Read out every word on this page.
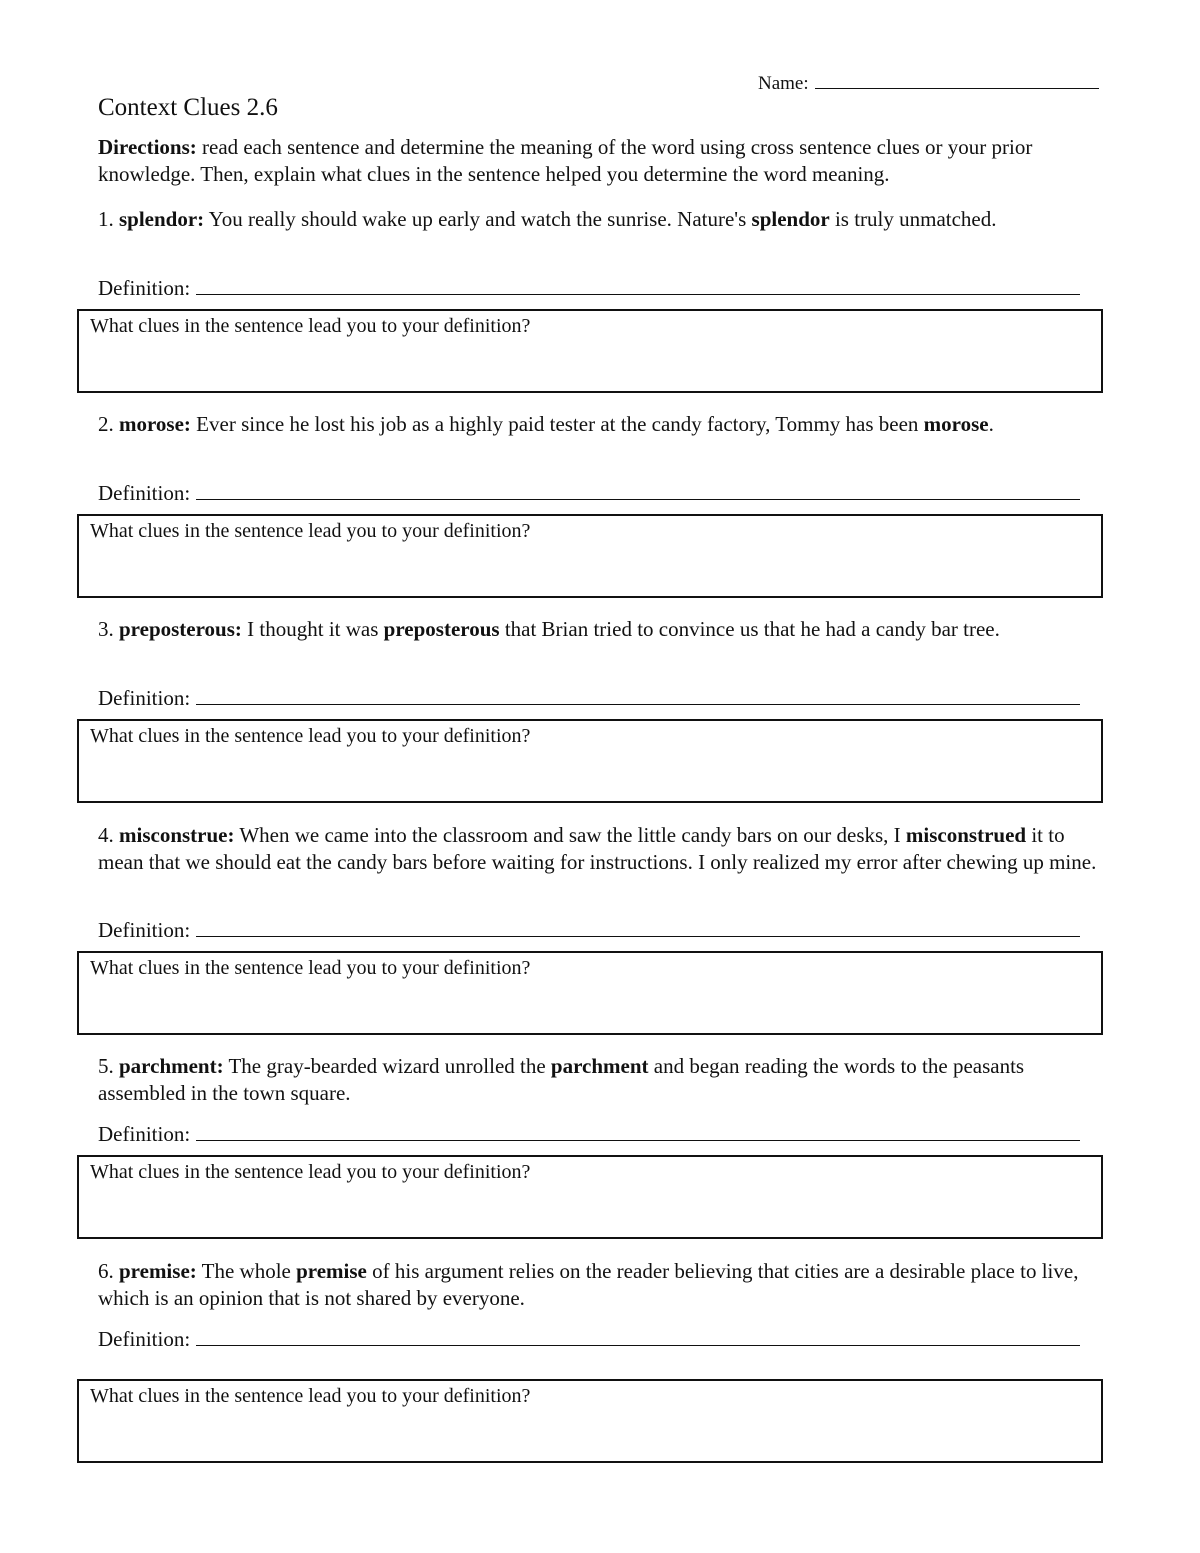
Name:
Context Clues 2.6

Directions: read each sentence and determine the meaning of the word using cross sentence clues or your prior knowledge. Then, explain what clues in the sentence helped you determine the word meaning.

1. splendor: You really should wake up early and watch the sunrise. Nature's splendor is truly unmatched.

Definition:
What clues in the sentence lead you to your definition?

2. morose: Ever since he lost his job as a highly paid tester at the candy factory, Tommy has been morose.

Definition:
What clues in the sentence lead you to your definition?

3. preposterous: I thought it was preposterous that Brian tried to convince us that he had a candy bar tree.

Definition:
What clues in the sentence lead you to your definition?

4. misconstrue: When we came into the classroom and saw the little candy bars on our desks, I misconstrued it to mean that we should eat the candy bars before waiting for instructions. I only realized my error after chewing up mine.

Definition:
What clues in the sentence lead you to your definition?

5. parchment: The gray-bearded wizard unrolled the parchment and began reading the words to the peasants assembled in the town square.

Definition:
What clues in the sentence lead you to your definition?

6. premise: The whole premise of his argument relies on the reader believing that cities are a desirable place to live, which is an opinion that is not shared by everyone.

Definition:
What clues in the sentence lead you to your definition?
